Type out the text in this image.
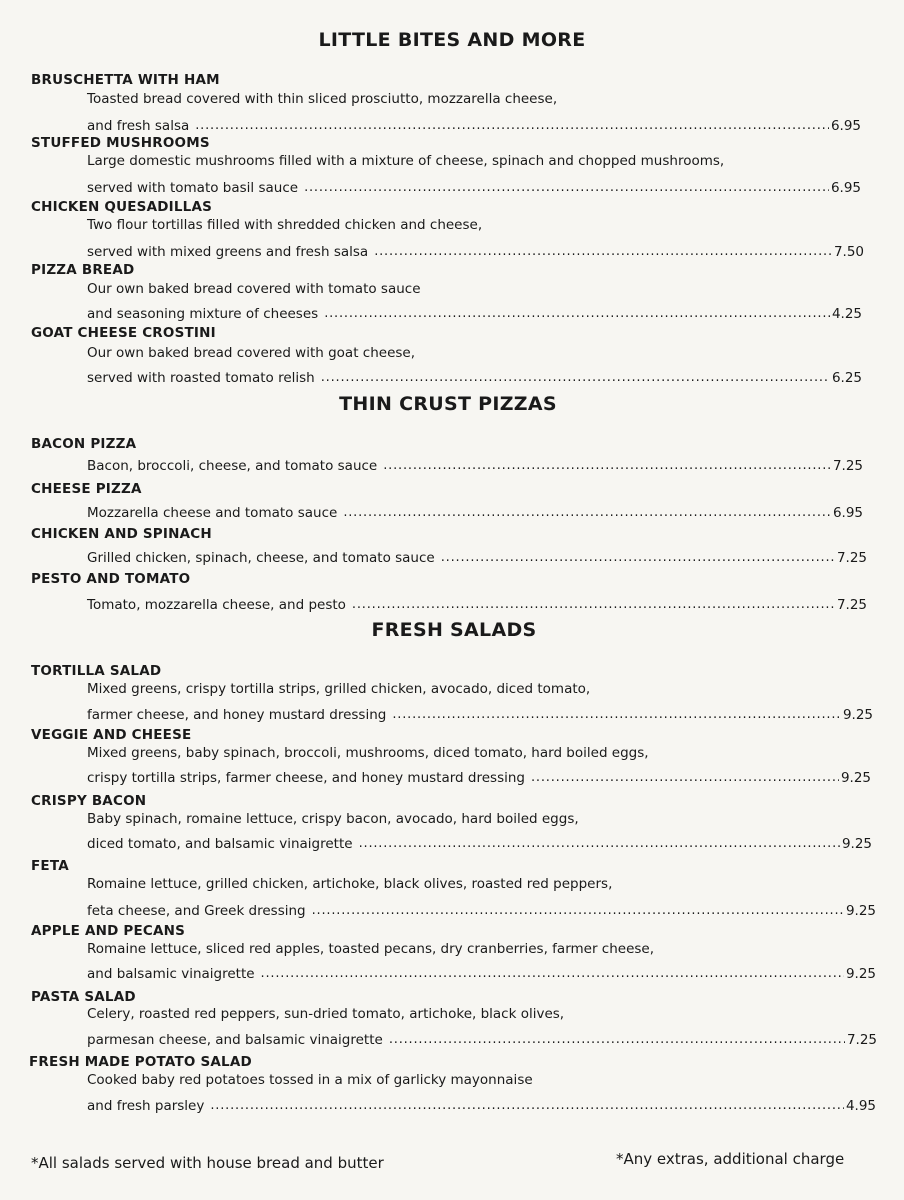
LITTLE BITES AND MORE
BRUSCHETTA WITH HAM
Toasted bread covered with thin sliced prosciutto, mozzarella cheese,
and fresh salsa .....	6.95
STUFFED MUSHROOMS
Large domestic mushrooms filled with a mixture of cheese, spinach and chopped mushrooms,
served with tomato basil sauce .....	6.95
CHICKEN QUESADILLAS
Two flour tortillas filled with shredded chicken and cheese,
served with mixed greens and fresh salsa .....	7.50
PIZZA BREAD
Our own baked bread covered with tomato sauce
and seasoning mixture of cheeses .....	4.25
GOAT CHEESE CROSTINI
Our own baked bread covered with goat cheese,
served with roasted tomato relish .....	6.25
THIN CRUST PIZZAS
BACON PIZZA
Bacon, broccoli, cheese, and tomato sauce .....	7.25
CHEESE PIZZA
Mozzarella cheese and tomato sauce .....	6.95
CHICKEN AND SPINACH
Grilled chicken, spinach, cheese, and tomato sauce .....	7.25
PESTO AND TOMATO
Tomato, mozzarella cheese, and pesto .....	7.25
FRESH SALADS
TORTILLA SALAD
Mixed greens, crispy tortilla strips, grilled chicken, avocado, diced tomato,
farmer cheese, and honey mustard dressing .....	9.25
VEGGIE AND CHEESE
Mixed greens, baby spinach, broccoli, mushrooms, diced tomato, hard boiled eggs,
crispy tortilla strips, farmer cheese, and honey mustard dressing .....	9.25
CRISPY BACON
Baby spinach, romaine lettuce, crispy bacon, avocado, hard boiled eggs,
diced tomato, and balsamic vinaigrette .....	9.25
FETA
Romaine lettuce, grilled chicken, artichoke, black olives, roasted red peppers,
feta cheese, and Greek dressing .....	9.25
APPLE AND PECANS
Romaine lettuce, sliced red apples, toasted pecans, dry cranberries, farmer cheese,
and balsamic vinaigrette .....	9.25
PASTA SALAD
Celery, roasted red peppers, sun-dried tomato, artichoke, black olives,
parmesan cheese, and balsamic vinaigrette .....	7.25
FRESH MADE POTATO SALAD
Cooked baby red potatoes tossed in a mix of garlicky mayonnaise
and fresh parsley .....	4.95
*All salads served with house bread and butter	*Any extras, additional charge
